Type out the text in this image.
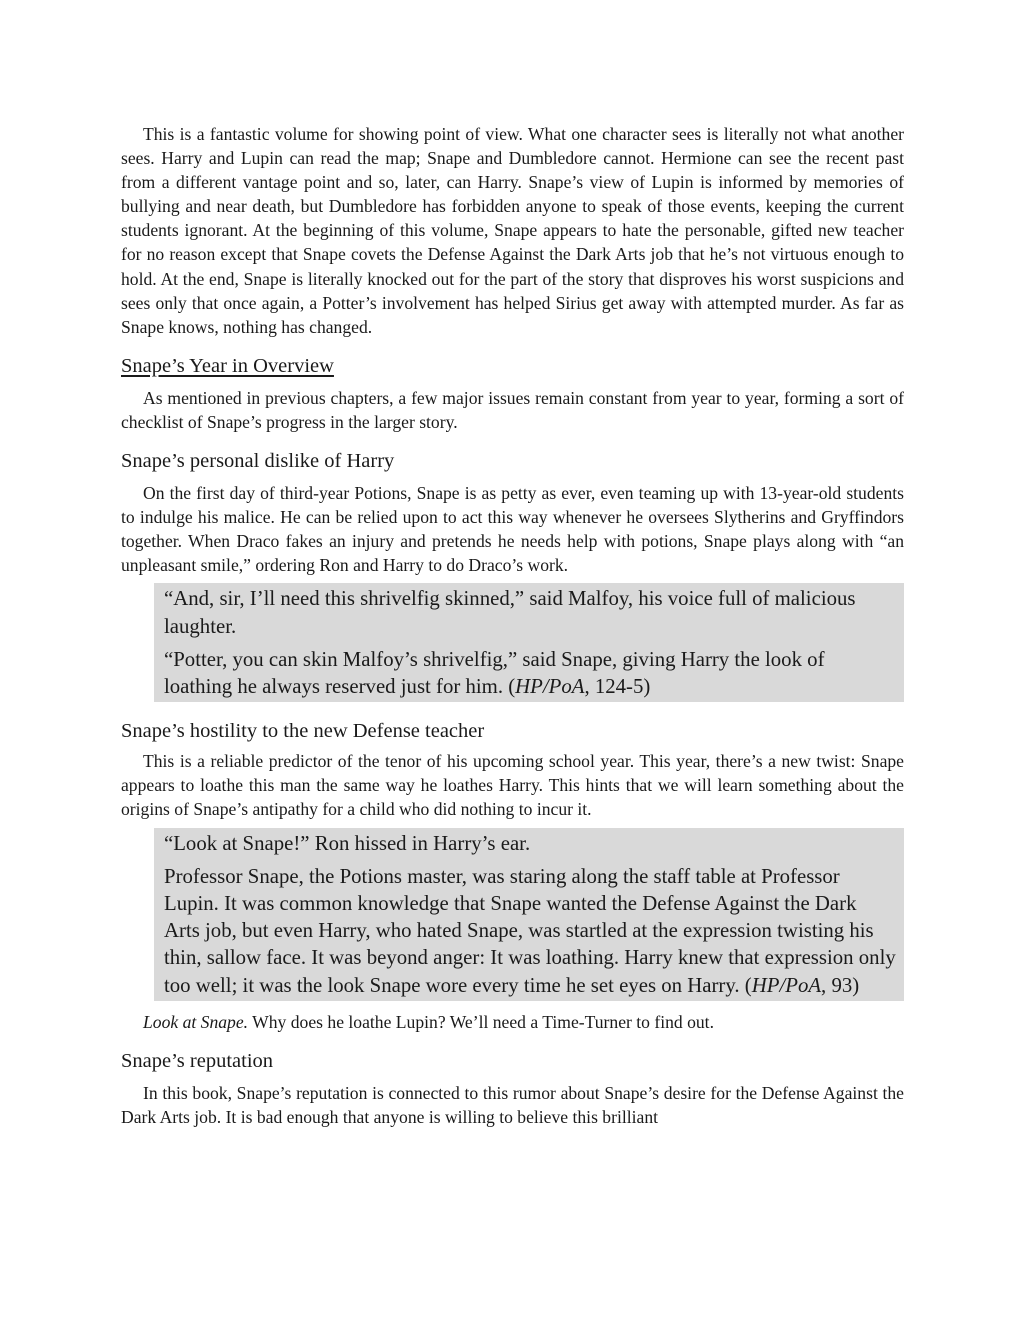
This is a fantastic volume for showing point of view. What one character sees is literally not what another sees. Harry and Lupin can read the map; Snape and Dumbledore cannot. Hermione can see the recent past from a different vantage point and so, later, can Harry. Snape’s view of Lupin is informed by memories of bullying and near death, but Dumbledore has forbidden anyone to speak of those events, keeping the current students ignorant. At the beginning of this volume, Snape appears to hate the personable, gifted new teacher for no reason except that Snape covets the Defense Against the Dark Arts job that he’s not virtuous enough to hold. At the end, Snape is literally knocked out for the part of the story that disproves his worst suspicions and sees only that once again, a Potter’s involvement has helped Sirius get away with attempted murder. As far as Snape knows, nothing has changed.

Snape’s Year in Overview

As mentioned in previous chapters, a few major issues remain constant from year to year, forming a sort of checklist of Snape’s progress in the larger story.

Snape’s personal dislike of Harry

On the first day of third-year Potions, Snape is as petty as ever, even teaming up with 13-year-old students to indulge his malice. He can be relied upon to act this way whenever he oversees Slytherins and Gryffindors together. When Draco fakes an injury and pretends he needs help with potions, Snape plays along with “an unpleasant smile,” ordering Ron and Harry to do Draco’s work.

“And, sir, I’ll need this shrivelfig skinned,” said Malfoy, his voice full of malicious laughter.

“Potter, you can skin Malfoy’s shrivelfig,” said Snape, giving Harry the look of loathing he always reserved just for him. (HP/PoA, 124-5)

Snape’s hostility to the new Defense teacher

This is a reliable predictor of the tenor of his upcoming school year. This year, there’s a new twist: Snape appears to loathe this man the same way he loathes Harry. This hints that we will learn something about the origins of Snape’s antipathy for a child who did nothing to incur it.

“Look at Snape!” Ron hissed in Harry’s ear.

Professor Snape, the Potions master, was staring along the staff table at Professor Lupin. It was common knowledge that Snape wanted the Defense Against the Dark Arts job, but even Harry, who hated Snape, was startled at the expression twisting his thin, sallow face. It was beyond anger: It was loathing. Harry knew that expression only too well; it was the look Snape wore every time he set eyes on Harry. (HP/PoA, 93)

Look at Snape. Why does he loathe Lupin? We’ll need a Time-Turner to find out.

Snape’s reputation

In this book, Snape’s reputation is connected to this rumor about Snape’s desire for the Defense Against the Dark Arts job. It is bad enough that anyone is willing to believe this brilliant
